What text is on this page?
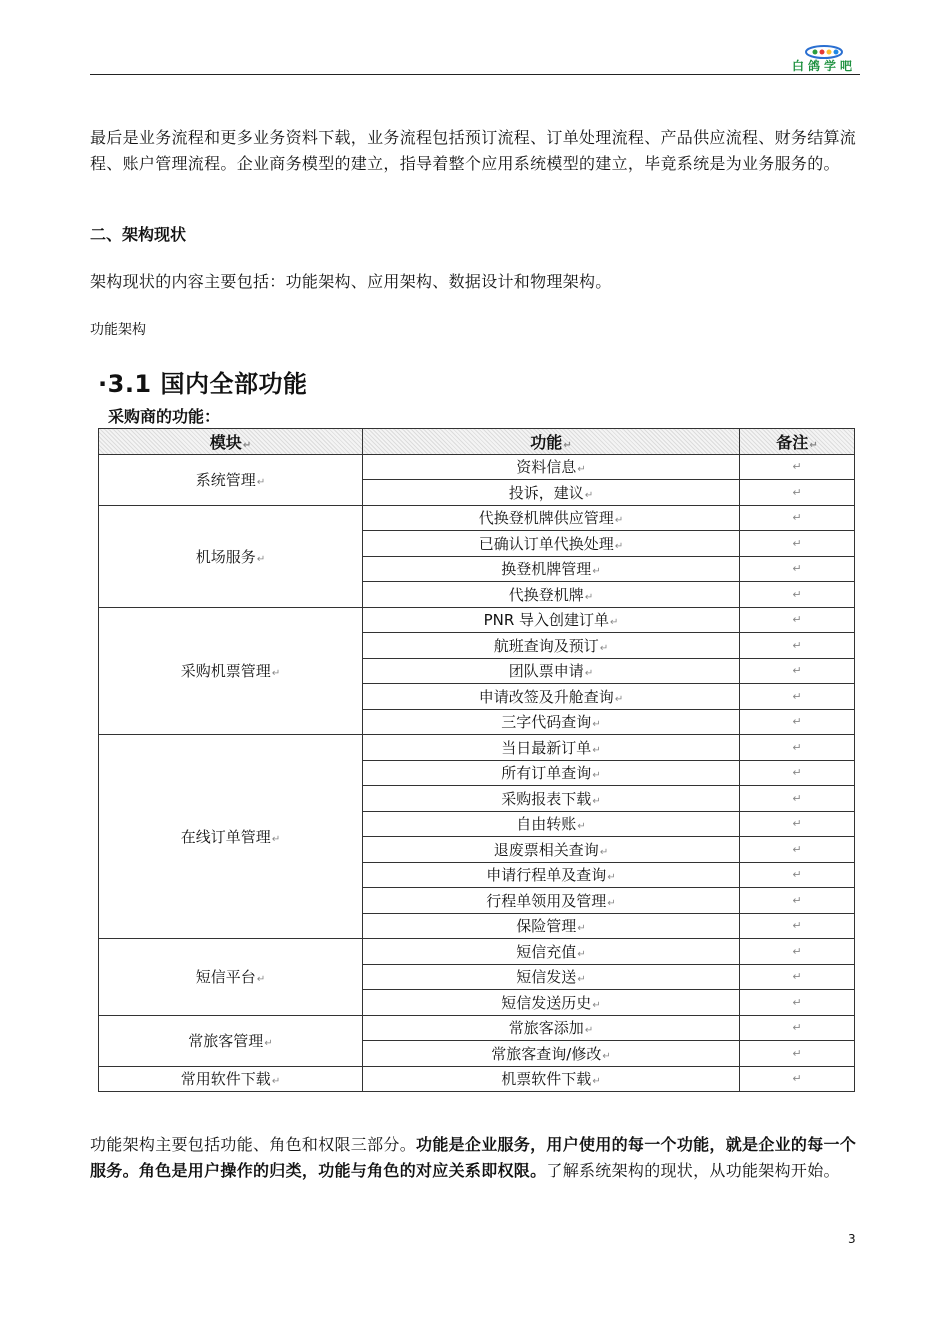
白鸽学吧
最后是业务流程和更多业务资料下载，业务流程包括预订流程、订单处理流程、产品供应流程、财务结算流程、账户管理流程。企业商务模型的建立，指导着整个应用系统模型的建立，毕竟系统是为业务服务的。
二、架构现状
架构现状的内容主要包括：功能架构、应用架构、数据设计和物理架构。
功能架构
·3.1 国内全部功能
采购商的功能：
模块↵	功能↵	备注↵
系统管理↵	资料信息↵	↵
	投诉，建议↵	↵
机场服务↵	代换登机牌供应管理↵	↵
	已确认订单代换处理↵	↵
	换登机牌管理↵	↵
	代换登机牌↵	↵
采购机票管理↵	PNR 导入创建订单↵	↵
	航班查询及预订↵	↵
	团队票申请↵	↵
	申请改签及升舱查询↵	↵
	三字代码查询↵	↵
在线订单管理↵	当日最新订单↵	↵
	所有订单查询↵	↵
	采购报表下载↵	↵
	自由转账↵	↵
	退废票相关查询↵	↵
	申请行程单及查询↵	↵
	行程单领用及管理↵	↵
	保险管理↵	↵
短信平台↵	短信充值↵	↵
	短信发送↵	↵
	短信发送历史↵	↵
常旅客管理↵	常旅客添加↵	↵
	常旅客查询/修改↵	↵
常用软件下载↵	机票软件下载↵	↵
功能架构主要包括功能、角色和权限三部分。功能是企业服务，用户使用的每一个功能，就是企业的每一个服务。角色是用户操作的归类，功能与角色的对应关系即权限。了解系统架构的现状，从功能架构开始。
3
